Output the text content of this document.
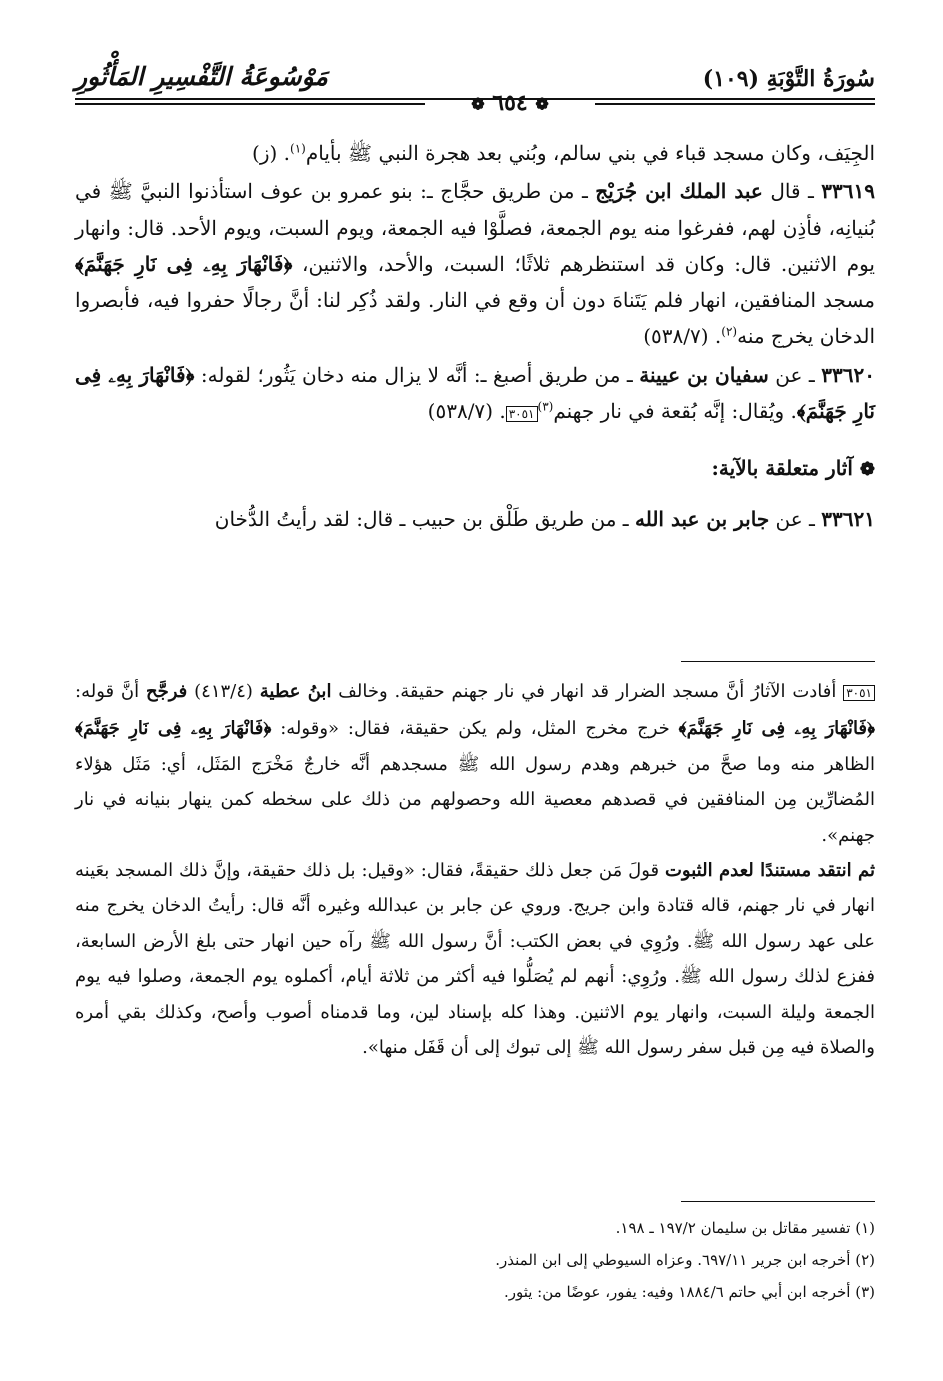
سُورَةُ التَّوْبَةِ (١٠٩)
مَوْسُوعَةُ التَّفْسِيرِ المَأْثُورِ
❁ ٦٥٤ ❁

الجِيَف، وكان مسجد قباء في بني سالم، وبُني بعد هجرة النبي ﷺ بأيام$^{(١)}$. (ز)

٣٣٦١٩ ـ قال عبد الملك ابن جُرَيْج ـ من طريق حجَّاج ـ: بنو عمرو بن عوف استأذنوا النبيَّ ﷺ في بُنيانِه، فأذِن لهم، ففرغوا منه يوم الجمعة، فصلَّوْا فيه الجمعة، ويوم السبت، ويوم الأحد. قال: وانهار يوم الاثنين. قال: وكان قد استنظرهم ثلاثًا؛ السبت، والأحد، والاثنين، ﴿فَانْهَارَ بِهِۦ فِى نَارِ جَهَنَّمَ﴾ مسجد المنافقين، انهار فلم يَتَناهَ دون أن وقع في النار. ولقد ذُكِر لنا: أنَّ رجالًا حفروا فيه، فأبصروا الدخان يخرج منه$^{(٢)}$. (٥٣٨/٧)

٣٣٦٢٠ ـ عن سفيان بن عيينة ـ من طريق أصبغ ـ: أنَّه لا يزال منه دخان يَثُور؛ لقوله: ﴿فَانْهَارَ بِهِۦ فِى نَارِ جَهَنَّمَ﴾. ويُقال: إنَّه بُقعة في نار جهنم$^{(٣)}$٣٠٥١. (٥٣٨/٧)

❁ آثار متعلقة بالآية:

٣٣٦٢١ ـ عن جابر بن عبد الله ـ من طريق طَلْق بن حبيب ـ قال: لقد رأيتُ الدُّخان

٣٠٥١ أفادت الآثارُ أنَّ مسجد الضرار قد انهار في نار جهنم حقيقة. وخالف ابنُ عطية (٤١٣/٤) فرجَّح أنَّ قوله: ﴿فَانْهَارَ بِهِۦ فِى نَارِ جَهَنَّمَ﴾ خرج مخرج المثل، ولم يكن حقيقة، فقال: «وقوله: ﴿فَانْهَارَ بِهِۦ فِى نَارِ جَهَنَّمَ﴾ الظاهر منه وما صحَّ من خبرهم وهدم رسول الله ﷺ مسجدهم أنَّه خارجٌ مَخْرَج المَثَل، أي: مَثَل هؤلاء المُضارِّين مِن المنافقين في قصدهم معصية الله وحصولهم من ذلك على سخطه كمن ينهار بنيانه في نار جهنم».

ثم انتقد مستندًا لعدم الثبوت قولَ مَن جعل ذلك حقيقةً، فقال: «وقيل: بل ذلك حقيقة، وإنَّ ذلك المسجد بعَينه انهار في نار جهنم، قاله قتادة وابن جريج. وروي عن جابر بن عبدالله وغيره أنَّه قال: رأيتُ الدخان يخرج منه على عهد رسول الله ﷺ. ورُوِي في بعض الكتب: أنَّ رسول الله ﷺ رآه حين انهار حتى بلغ الأرض السابعة، ففزع لذلك رسول الله ﷺ. ورُوِي: أنهم لم يُصَلُّوا فيه أكثر من ثلاثة أيام، أكملوه يوم الجمعة، وصلوا فيه يوم الجمعة وليلة السبت، وانهار يوم الاثنين. وهذا كله بإسناد لين، وما قدمناه أصوب وأصح، وكذلك بقي أمره والصلاة فيه مِن قبل سفر رسول الله ﷺ إلى تبوك إلى أن قَفَل منها».

(١) تفسير مقاتل بن سليمان ١٩٧/٢ ـ ١٩٨.

(٢) أخرجه ابن جرير ٦٩٧/١١. وعزاه السيوطي إلى ابن المنذر.

(٣) أخرجه ابن أبي حاتم ١٨٨٤/٦ وفيه: يفور، عوضًا من: يثور.
